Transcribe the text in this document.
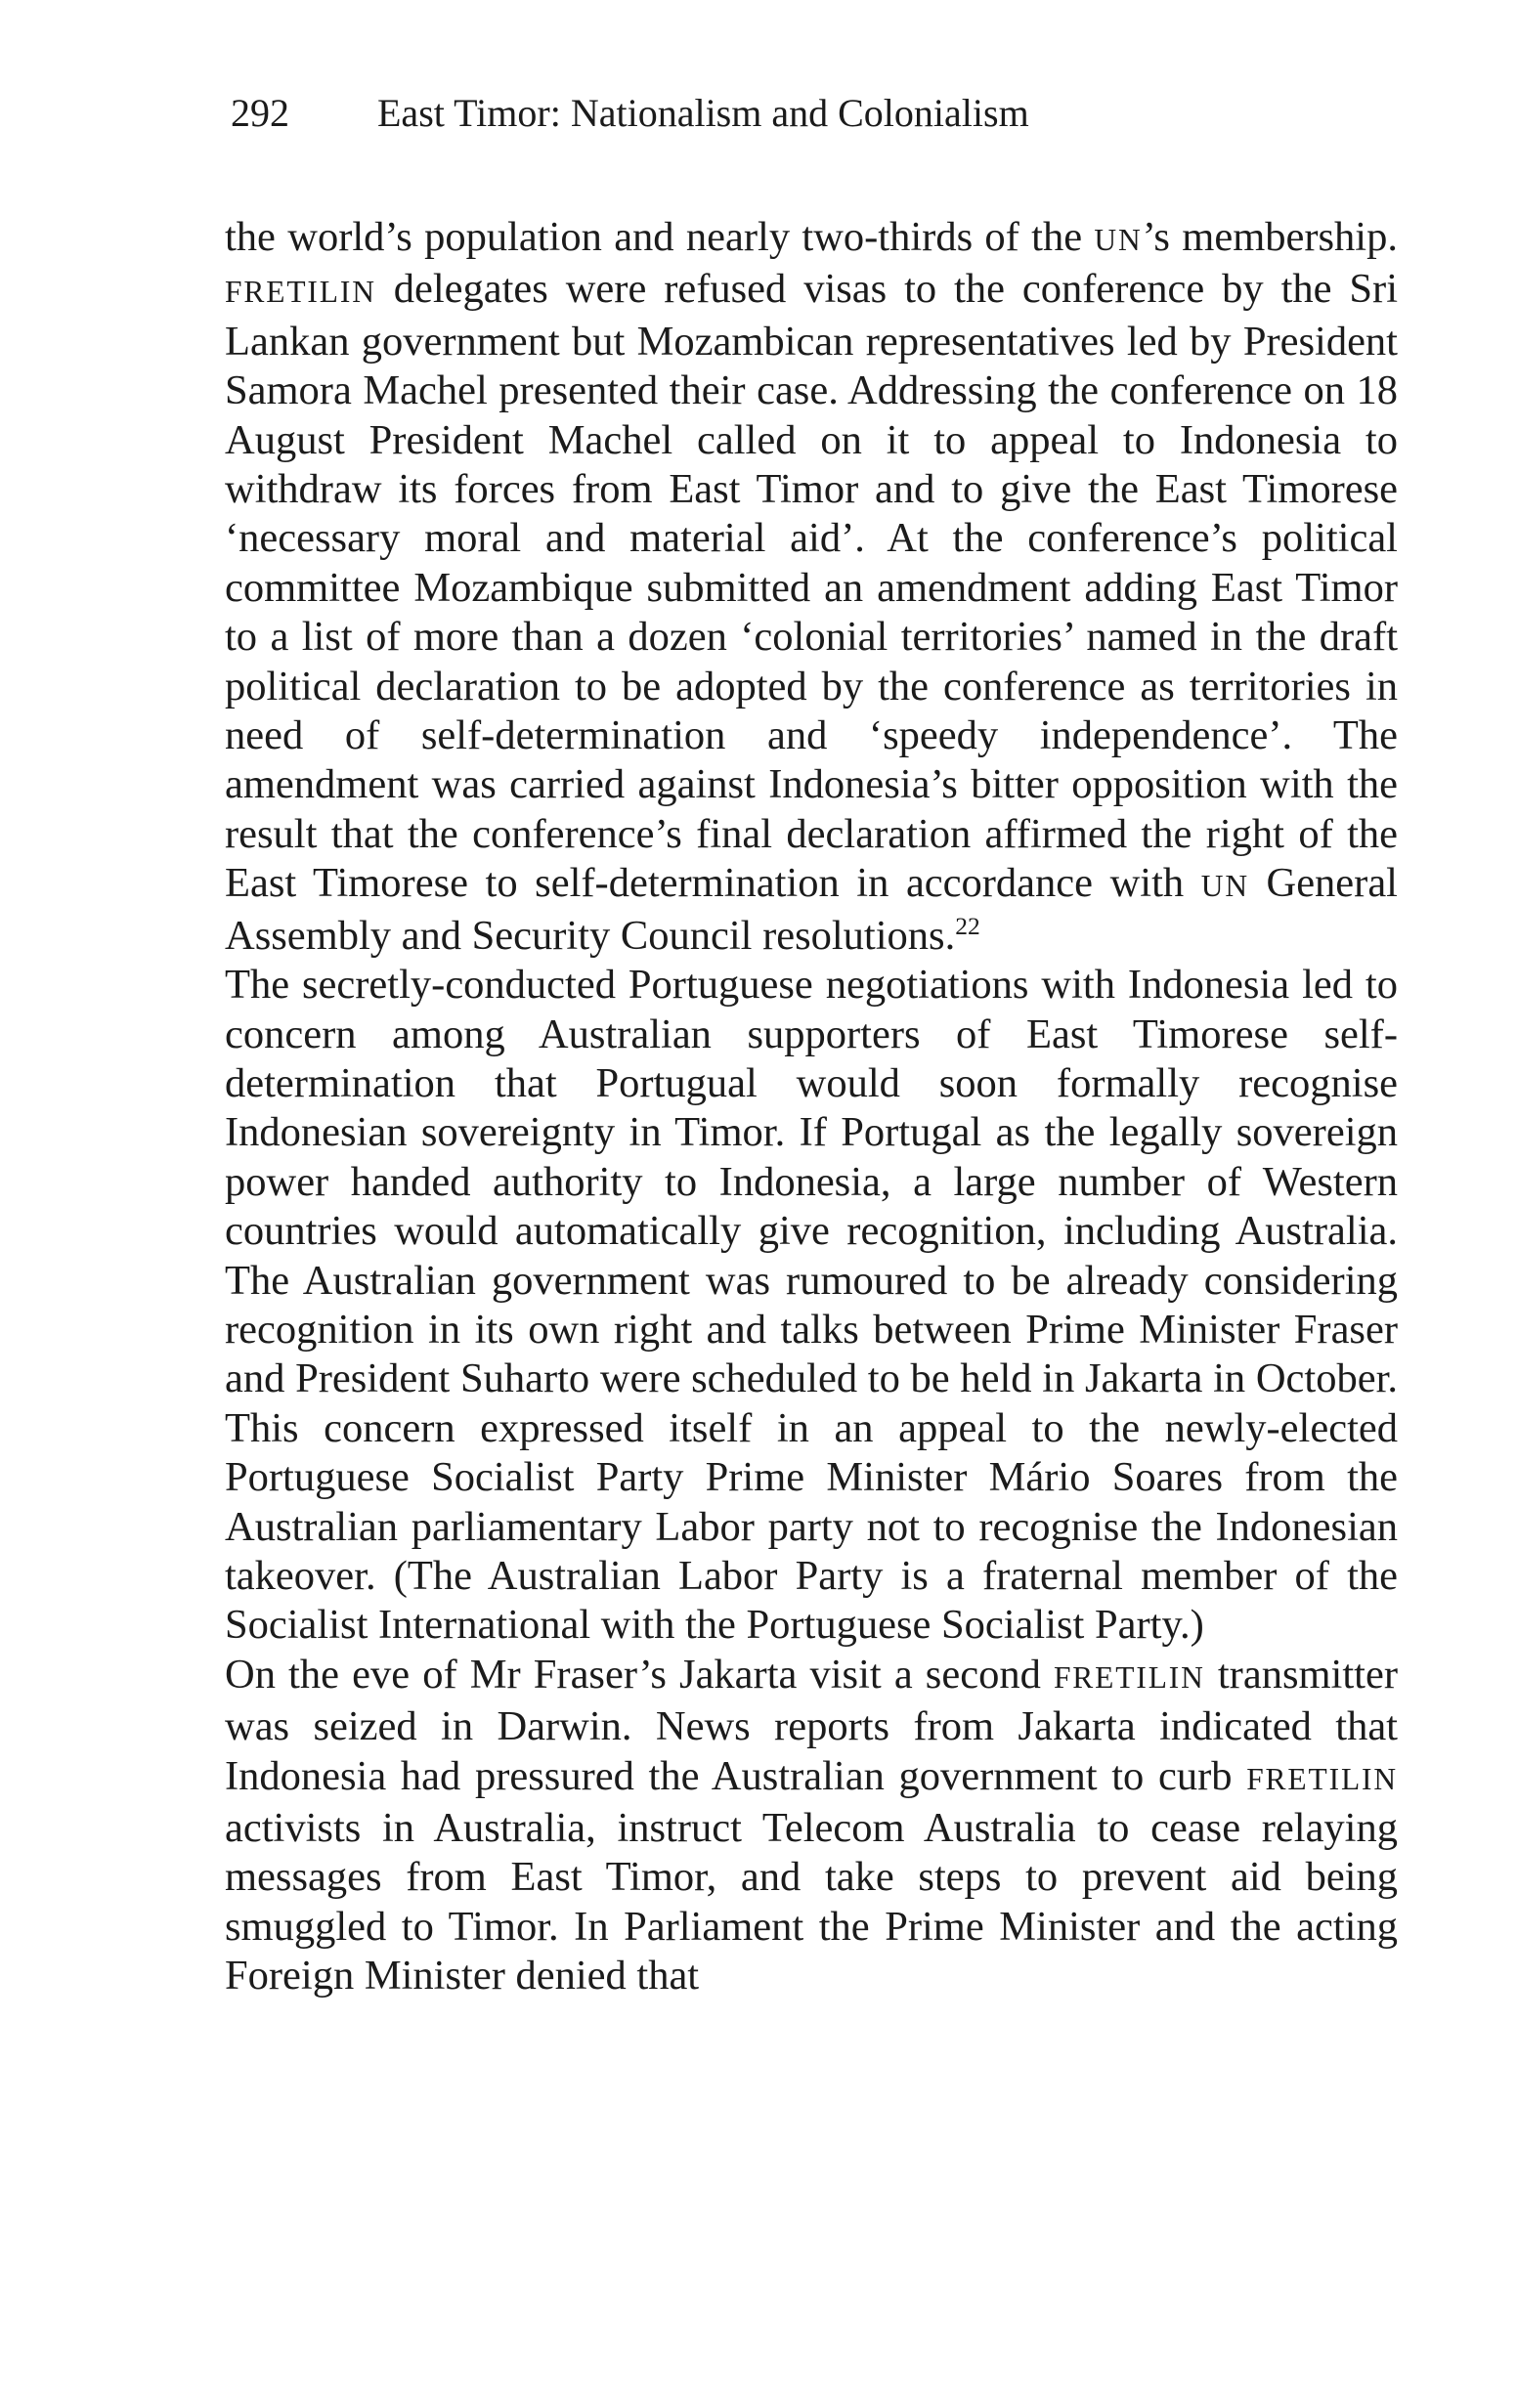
292 East Timor: Nationalism and Colonialism

the world’s population and nearly two-thirds of the UN’s membership. FRETILIN delegates were refused visas to the conference by the Sri Lankan government but Mozambican representatives led by President Samora Machel presented their case. Addressing the conference on 18 August President Machel called on it to appeal to Indonesia to withdraw its forces from East Timor and to give the East Timorese ‘necessary moral and material aid’. At the conference’s political committee Mozambique submitted an amendment adding East Timor to a list of more than a dozen ‘colonial territories’ named in the draft political declaration to be adopted by the conference as territories in need of self-determination and ‘speedy independence’. The amendment was carried against Indonesia’s bitter opposition with the result that the conference’s final declaration affirmed the right of the East Timorese to self-determination in accordance with UN General Assembly and Security Council resolutions.$^{22}$

The secretly-conducted Portuguese negotiations with Indonesia led to concern among Australian supporters of East Timorese self-determination that Portugual would soon formally recognise Indonesian sovereignty in Timor. If Portugal as the legally sovereign power handed authority to Indonesia, a large number of Western countries would automatically give recognition, including Australia. The Australian government was rumoured to be already considering recognition in its own right and talks between Prime Minister Fraser and President Suharto were scheduled to be held in Jakarta in October. This concern expressed itself in an appeal to the newly-elected Portuguese Socialist Party Prime Minister Mário Soares from the Australian parliamentary Labor party not to recognise the Indonesian takeover. (The Australian Labor Party is a fraternal member of the Socialist International with the Portuguese Socialist Party.)

On the eve of Mr Fraser’s Jakarta visit a second FRETILIN transmitter was seized in Darwin. News reports from Jakarta indicated that Indonesia had pressured the Australian government to curb FRETILIN activists in Australia, instruct Telecom Australia to cease relaying messages from East Timor, and take steps to prevent aid being smuggled to Timor. In Parliament the Prime Minister and the acting Foreign Minister denied that
